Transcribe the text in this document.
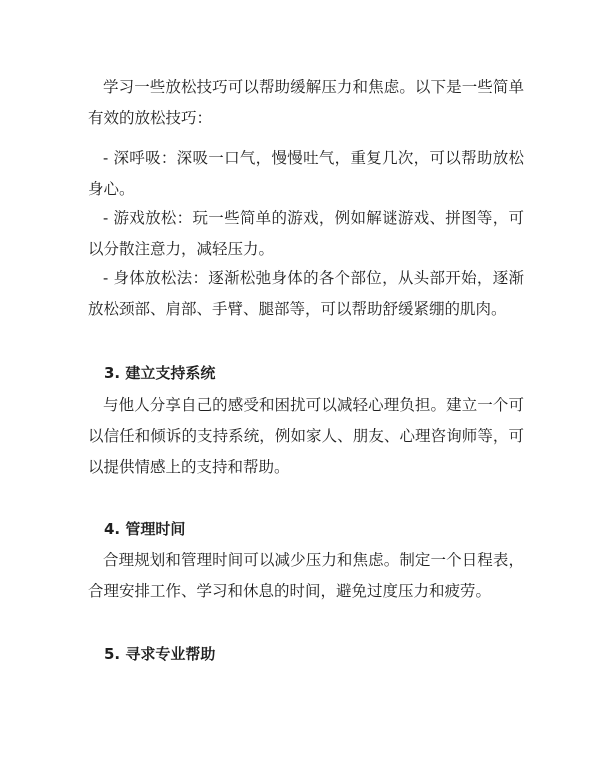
学习一些放松技巧可以帮助缓解压力和焦虑。以下是一些简单有效的放松技巧：

- 深呼吸：深吸一口气，慢慢吐气，重复几次，可以帮助放松身心。

- 游戏放松：玩一些简单的游戏，例如解谜游戏、拼图等，可以分散注意力，减轻压力。

- 身体放松法：逐渐松弛身体的各个部位，从头部开始，逐渐放松颈部、肩部、手臂、腿部等，可以帮助舒缓紧绷的肌肉。

3. 建立支持系统

与他人分享自己的感受和困扰可以减轻心理负担。建立一个可以信任和倾诉的支持系统，例如家人、朋友、心理咨询师等，可以提供情感上的支持和帮助。

4. 管理时间

合理规划和管理时间可以减少压力和焦虑。制定一个日程表，合理安排工作、学习和休息的时间，避免过度压力和疲劳。

5. 寻求专业帮助
